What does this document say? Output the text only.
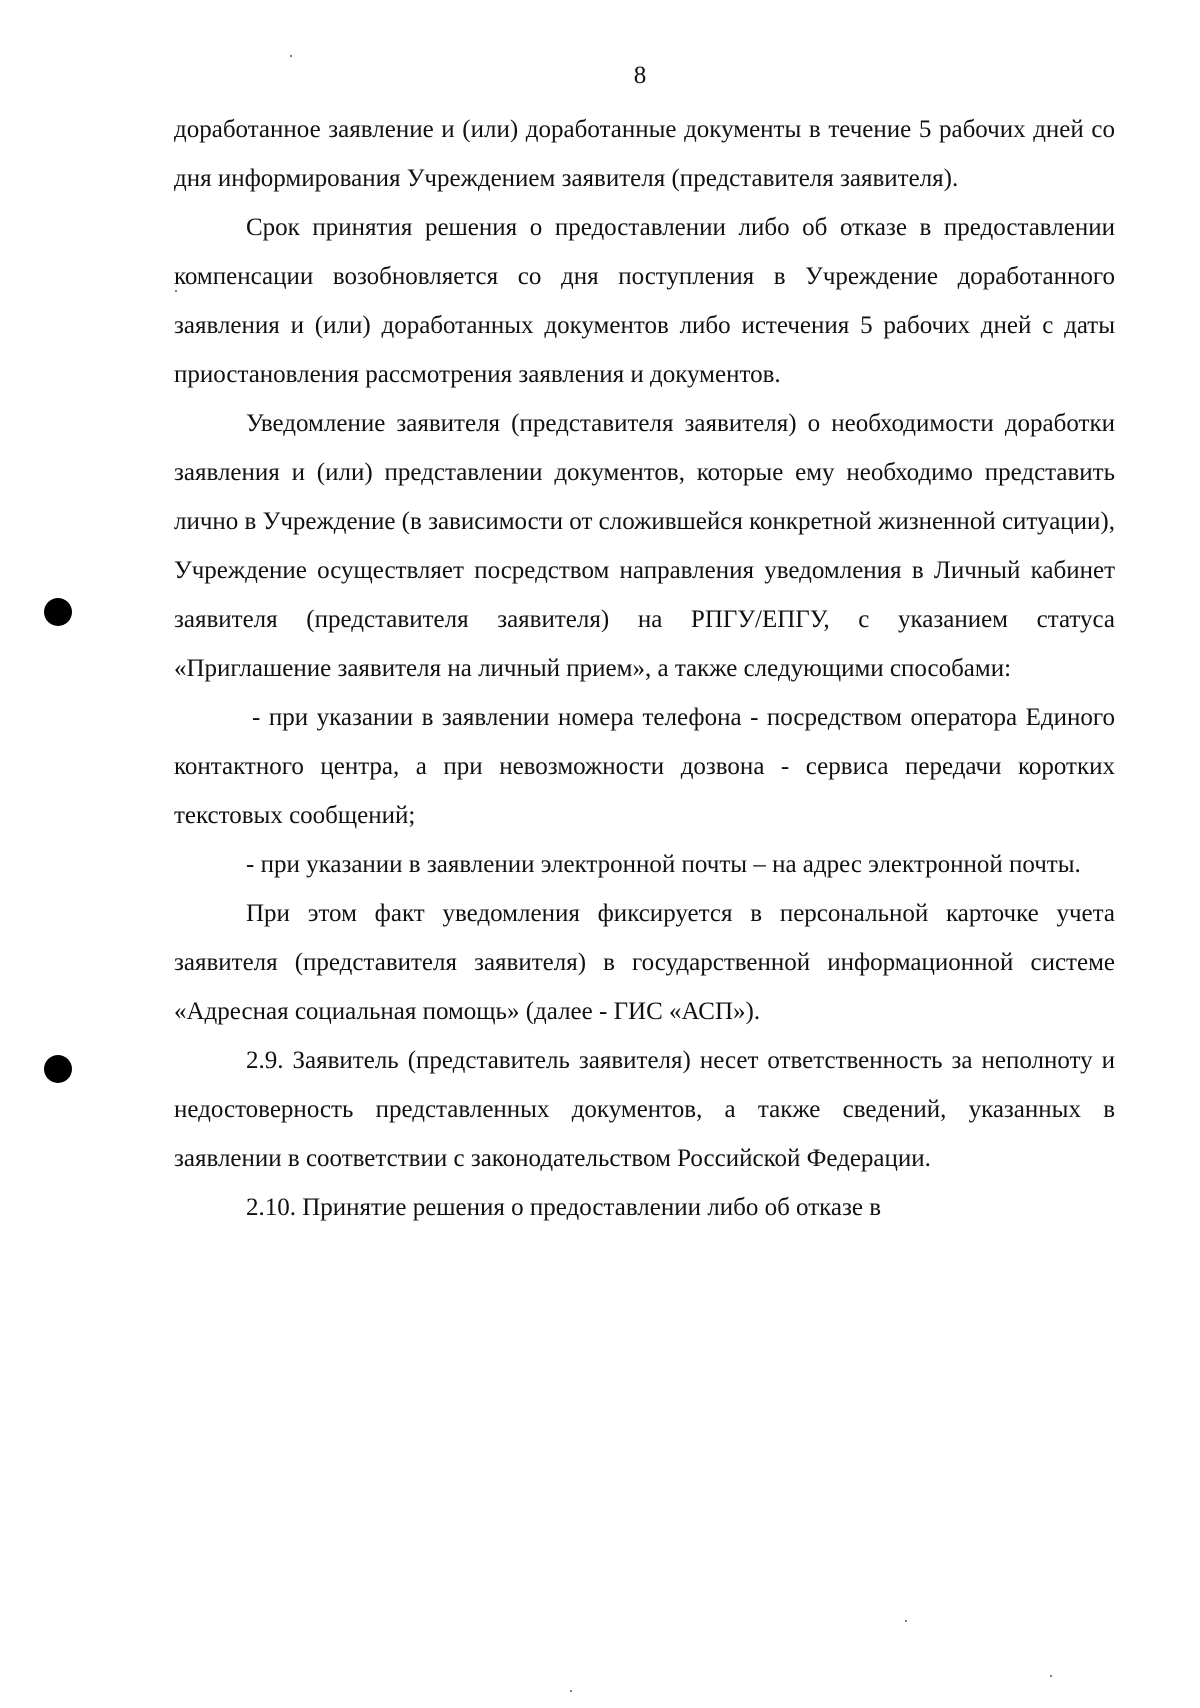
8

доработанное заявление и (или) доработанные документы в течение 5 рабочих дней со дня информирования Учреждением заявителя (представителя заявителя).

Срок принятия решения о предоставлении либо об отказе в предоставлении компенсации возобновляется со дня поступления в Учреждение доработанного заявления и (или) доработанных документов либо истечения 5 рабочих дней с даты приостановления рассмотрения заявления и документов.

Уведомление заявителя (представителя заявителя) о необходимости доработки заявления и (или) представлении документов, которые ему необходимо представить лично в Учреждение (в зависимости от сложившейся конкретной жизненной ситуации), Учреждение осуществляет посредством направления уведомления в Личный кабинет заявителя (представителя заявителя) на РПГУ/ЕПГУ, с указанием статуса «Приглашение заявителя на личный прием», а также следующими способами:

- при указании в заявлении номера телефона - посредством оператора Единого контактного центра, а при невозможности дозвона - сервиса передачи коротких текстовых сообщений;

- при указании в заявлении электронной почты – на адрес электронной почты.

При этом факт уведомления фиксируется в персональной карточке учета заявителя (представителя заявителя) в государственной информационной системе «Адресная социальная помощь» (далее - ГИС «АСП»).

2.9. Заявитель (представитель заявителя) несет ответственность за неполноту и недостоверность представленных документов, а также сведений, указанных в заявлении в соответствии с законодательством Российской Федерации.

2.10. Принятие решения о предоставлении либо об отказе в
